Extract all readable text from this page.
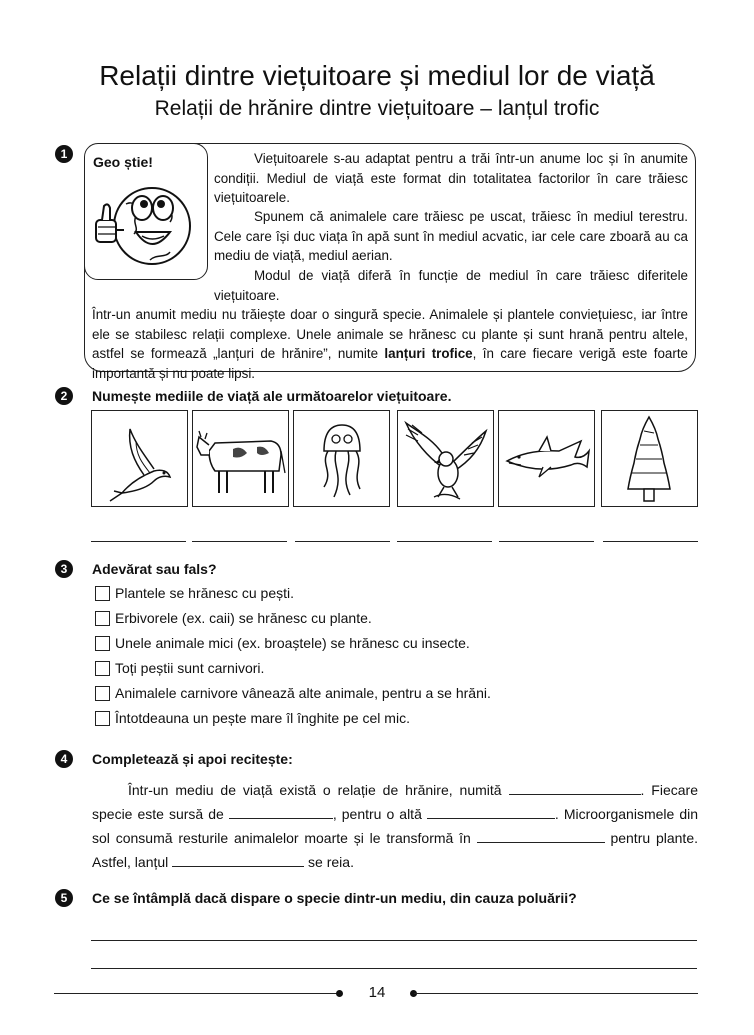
Relații dintre viețuitoare și mediul lor de viață
Relații de hrănire dintre viețuitoare – lanțul trofic
1	Geo știe!	Viețuitoarele s-au adaptat pentru a trăi într-un anume loc și în anumite condiții. Mediul de viață este format din totalitatea factorilor în care trăiesc viețuitoarele.
Spunem că animalele care trăiesc pe uscat, trăiesc în mediul terestru. Cele care își duc viața în apă sunt în mediul acvatic, iar cele care zboară au ca mediu de viață, mediul aerian.
Modul de viață diferă în funcție de mediul în care trăiesc diferitele viețuitoare.
Într-un anumit mediu nu trăiește doar o singură specie. Animalele și plantele conviețuiesc, iar între ele se stabilesc relații complexe. Unele animale se hrănesc cu plante și sunt hrană pentru altele, astfel se formează „lanțuri de hrănire”, numite lanțuri trofice, în care fiecare verigă este foarte importantă și nu poate lipsi.
2	Numește mediile de viață ale următoarelor viețuitoare.
3	Adevărat sau fals?
Plantele se hrănesc cu pești.
Erbivorele (ex. caii) se hrănesc cu plante.
Unele animale mici (ex. broaștele) se hrănesc cu insecte.
Toți peștii sunt carnivori.
Animalele carnivore vânează alte animale, pentru a se hrăni.
Întotdeauna un pește mare îl înghite pe cel mic.
4	Completează și apoi recitește:
Într-un mediu de viață există o relație de hrănire, numită	. Fiecare specie este sursă de	, pentru o altă	. Microorganismele din sol consumă resturile animalelor moarte și le transformă în	pentru plante. Astfel, lanțul	se reia.
5	Ce se întâmplă dacă dispare o specie dintr-un mediu, din cauza poluării?
14
